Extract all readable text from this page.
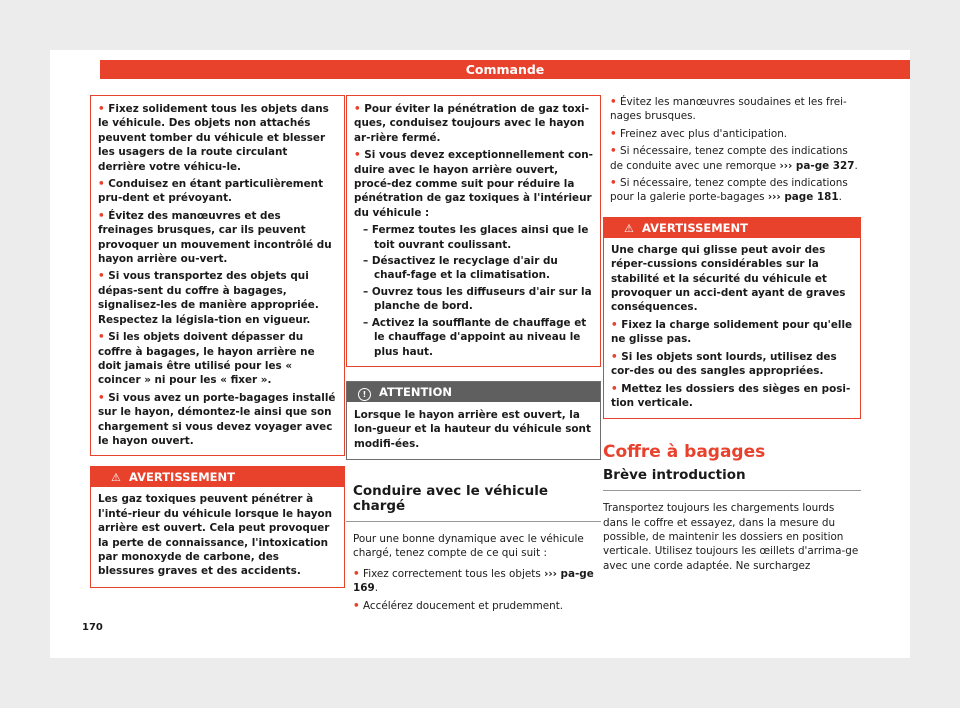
Commande

• Fixez solidement tous les objets dans le véhicule. Des objets non attachés peuvent tomber du véhicule et blesser les usagers de la route circulant derrière votre véhicu-le.

• Conduisez en étant particulièrement pru-dent et prévoyant.

• Évitez des manœuvres et des freinages brusques, car ils peuvent provoquer un mouvement incontrôlé du hayon arrière ou-vert.

• Si vous transportez des objets qui dépas-sent du coffre à bagages, signalisez-les de manière appropriée. Respectez la législa-tion en vigueur.

• Si les objets doivent dépasser du coffre à bagages, le hayon arrière ne doit jamais être utilisé pour les « coincer » ni pour les « fixer ».

• Si vous avez un porte-bagages installé sur le hayon, démontez-le ainsi que son chargement si vous devez voyager avec le hayon ouvert.

⚠ AVERTISSEMENT
Les gaz toxiques peuvent pénétrer à l'inté-rieur du véhicule lorsque le hayon arrière est ouvert. Cela peut provoquer la perte de connaissance, l'intoxication par monoxyde de carbone, des blessures graves et des accidents.

• Pour éviter la pénétration de gaz toxi-ques, conduisez toujours avec le hayon ar-rière fermé.

• Si vous devez exceptionnellement con-duire avec le hayon arrière ouvert, procé-dez comme suit pour réduire la pénétration de gaz toxiques à l'intérieur du véhicule :

– Fermez toutes les glaces ainsi que le toit ouvrant coulissant.

– Désactivez le recyclage d'air du chauf-fage et la climatisation.

– Ouvrez tous les diffuseurs d'air sur la planche de bord.

– Activez la soufflante de chauffage et le chauffage d'appoint au niveau le plus haut.

! ATTENTION
Lorsque le hayon arrière est ouvert, la lon-gueur et la hauteur du véhicule sont modifi-ées.
Conduire avec le véhicule chargé

Pour une bonne dynamique avec le véhicule chargé, tenez compte de ce qui suit :

• Fixez correctement tous les objets ››› pa-ge 169.

• Accélérez doucement et prudemment.

• Évitez les manœuvres soudaines et les frei-nages brusques.

• Freinez avec plus d'anticipation.

• Si nécessaire, tenez compte des indications de conduite avec une remorque ››› pa-ge 327.

• Si nécessaire, tenez compte des indications pour la galerie porte-bagages ››› page 181.

⚠ AVERTISSEMENT

Une charge qui glisse peut avoir des réper-cussions considérables sur la stabilité et la sécurité du véhicule et provoquer un acci-dent ayant de graves conséquences.

• Fixez la charge solidement pour qu'elle ne glisse pas.

• Si les objets sont lourds, utilisez des cor-des ou des sangles appropriées.

• Mettez les dossiers des sièges en posi-tion verticale.

Coffre à bagages
Brève introduction

Transportez toujours les chargements lourds dans le coffre et essayez, dans la mesure du possible, de maintenir les dossiers en position verticale. Utilisez toujours les œillets d'arrima-ge avec une corde adaptée. Ne surchargez

170
